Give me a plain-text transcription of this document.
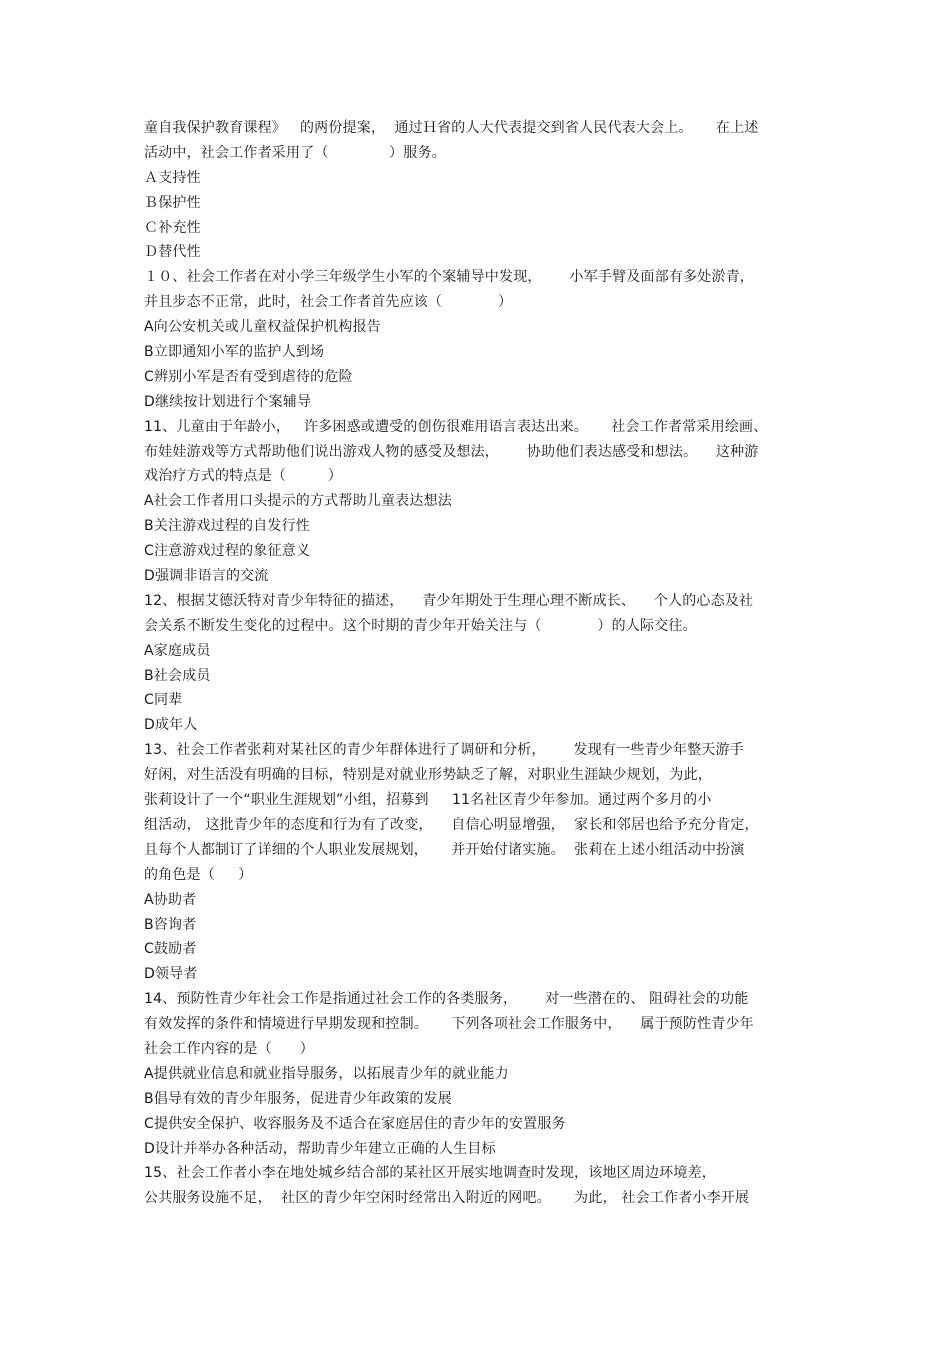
童自我保护教育课程》   的两份提案，  通过Ｈ省的人大代表提交到省人民代表大会上。     在上述
活动中，社会工作者采用了（             ）服务。
Ａ支持性
Ｂ保护性
Ｃ补充性
Ｄ替代性
１０、社会工作者在对小学三年级学生小军的个案辅导中发现，      小军手臂及面部有多处淤青，
并且步态不正常，此时，社会工作者首先应该（            ）
A向公安机关或儿童权益保护机构报告
B立即通知小军的监护人到场
C辨别小军是否有受到虐待的危险
D继续按计划进行个案辅导
11、儿童由于年龄小，   许多困惑或遭受的创伤很难用语言表达出来。     社会工作者常采用绘画、
布娃娃游戏等方式帮助他们说出游戏人物的感受及想法，      协助他们表达感受和想法。    这种游
戏治疗方式的特点是（         ）
A社会工作者用口头提示的方式帮助儿童表达想法
B关注游戏过程的自发行性
C注意游戏过程的象征意义
D强调非语言的交流
12、根据艾德沃特对青少年特征的描述，    青少年期处于生理心理不断成长、    个人的心态及社
会关系不断发生变化的过程中。这个时期的青少年开始关注与（            ）的人际交往。
A家庭成员
B社会成员
C同辈
D成年人
13、社会工作者张莉对某社区的青少年群体进行了调研和分析，      发现有一些青少年整天游手
好闲，对生活没有明确的目标，特别是对就业形势缺乏了解，对职业生涯缺少规划，为此，
张莉设计了一个“职业生涯规划”小组，招募到     11名社区青少年参加。通过两个多月的小
组活动， 这批青少年的态度和行为有了改变，    自信心明显增强，  家长和邻居也给予充分肯定，
且每个人都制订了详细的个人职业发展规划，     并开始付诸实施。  张莉在上述小组活动中扮演
的角色是（     ）
A协助者
B咨询者
C鼓励者
D领导者
14、预防性青少年社会工作是指通过社会工作的各类服务，      对一些潜在的、 阻碍社会的功能
有效发挥的条件和情境进行早期发现和控制。     下列各项社会工作服务中，    属于预防性青少年
社会工作内容的是（      ）
A提供就业信息和就业指导服务，以拓展青少年的就业能力
B倡导有效的青少年服务，促进青少年政策的发展
C提供安全保护、收容服务及不适合在家庭居住的青少年的安置服务
D设计并举办各种活动，帮助青少年建立正确的人生目标
15、社会工作者小李在地处城乡结合部的某社区开展实地调查时发现，该地区周边环境差，
公共服务设施不足，  社区的青少年空闲时经常出入附近的网吧。     为此， 社会工作者小李开展
